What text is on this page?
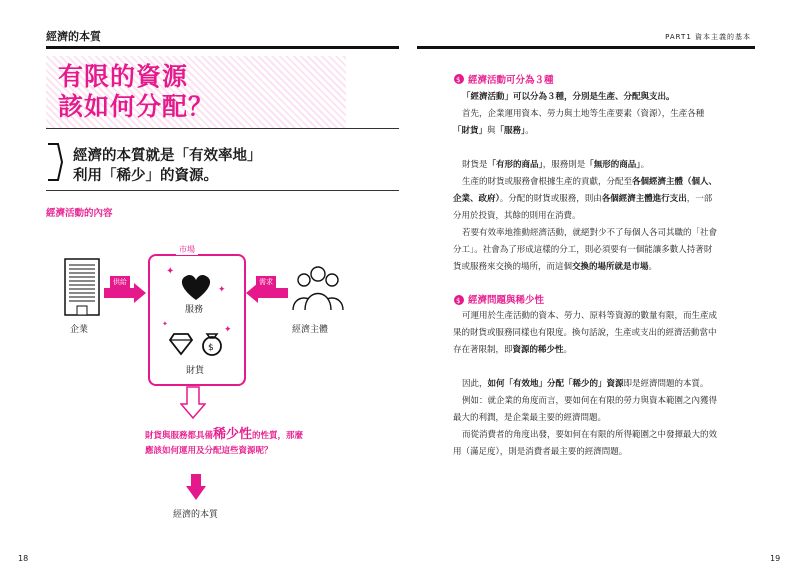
經濟的本質	PART1 資本主義的基本
有限的資源
該如何分配？
經濟的本質就是「有效率地」
利用「稀少」的資源。
經濟活動的內容
企業
供給
市場
✦
✦
$
✦
✦
服務
財貨
需求
經濟主體
財貨與服務都具備稀少性的性質，那麼
應該如何運用及分配這些資源呢？
經濟的本質
$ 經濟活動可分為３種
「經濟活動」可以分為３種，分別是生產、分配與支出。
首先，企業運用資本、勞力與土地等生產要素（資源），生產各種
「財貨」與「服務」。
財貨是「有形的商品」，服務則是「無形的商品」。
生產的財貨或服務會根據生產的貢獻，分配至各個經濟主體（個人、
企業、政府）。分配的財貨或服務，則由各個經濟主體進行支出，一部
分用於投資，其餘的則用在消費。
若要有效率地推動經濟活動，就絕對少不了每個人各司其職的「社會
分工」。社會為了形成這樣的分工，則必須要有一個能讓多數人持著財
貨或服務來交換的場所，而這個交換的場所就是市場。
$ 經濟問題與稀少性
可運用於生產活動的資本、勞力、原料等資源的數量有限，而生產成
果的財貨或服務同樣也有限度。換句話說，生產或支出的經濟活動當中
存在著限制，即資源的稀少性。
因此，如何「有效地」分配「稀少的」資源即是經濟問題的本質。
例如：就企業的角度而言，要如何在有限的勞力與資本範圍之內獲得
最大的利潤，是企業最主要的經濟問題。
而從消費者的角度出發，要如何在有限的所得範圍之中發揮最大的效
用（滿足度），則是消費者最主要的經濟問題。
18	19
